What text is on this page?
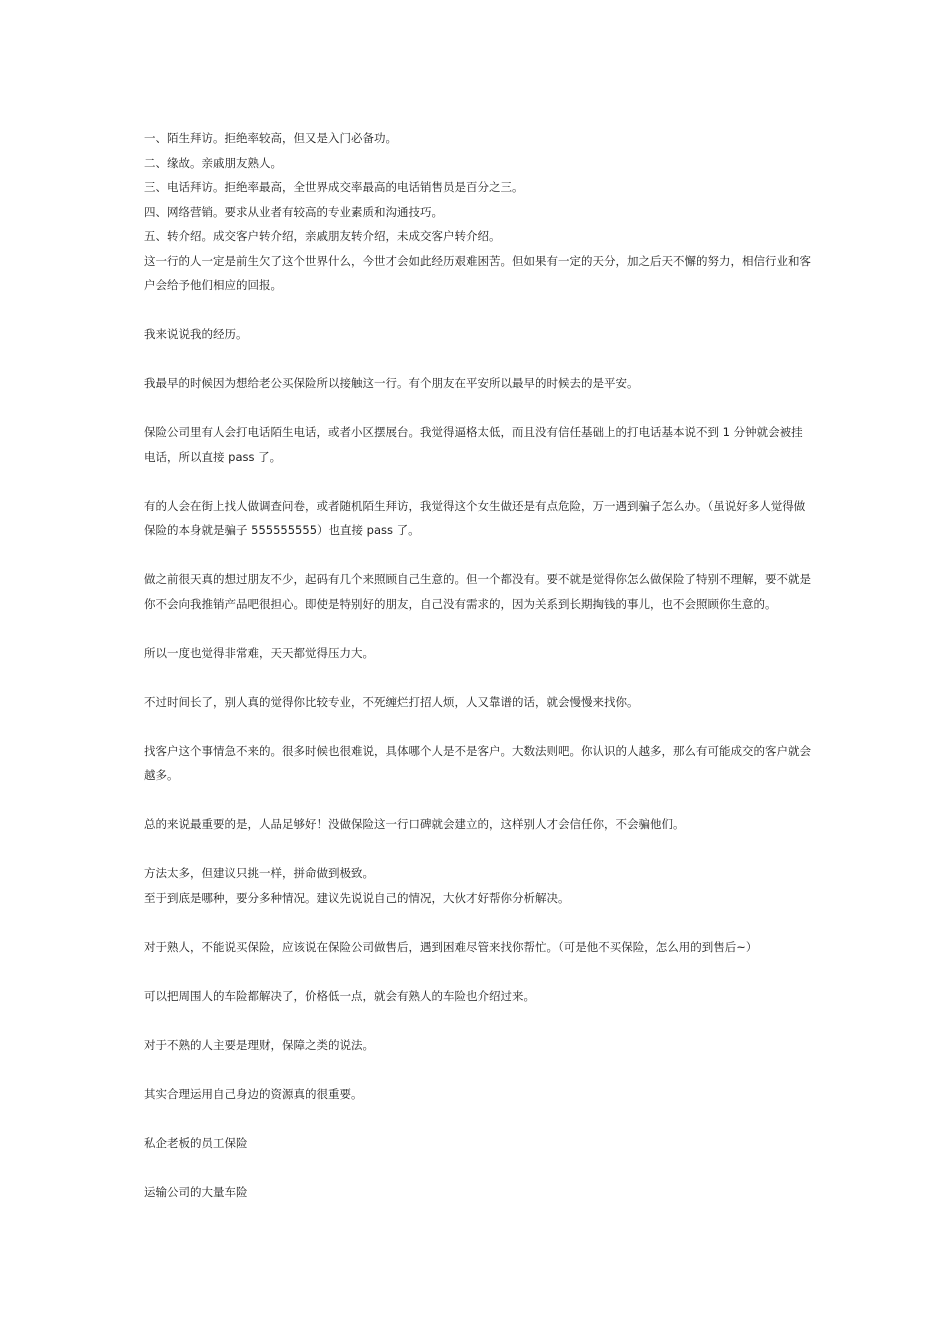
一、陌生拜访。拒绝率较高，但又是入门必备功。
二、缘故。亲戚朋友熟人。
三、电话拜访。拒绝率最高，全世界成交率最高的电话销售员是百分之三。
四、网络营销。要求从业者有较高的专业素质和沟通技巧。
五、转介绍。成交客户转介绍，亲戚朋友转介绍，未成交客户转介绍。
这一行的人一定是前生欠了这个世界什么，今世才会如此经历艰难困苦。但如果有一定的天分，加之后天不懈的努力，相信行业和客户会给予他们相应的回报。
我来说说我的经历。
我最早的时候因为想给老公买保险所以接触这一行。有个朋友在平安所以最早的时候去的是平安。
保险公司里有人会打电话陌生电话，或者小区摆展台。我觉得逼格太低，而且没有信任基础上的打电话基本说不到 1 分钟就会被挂电话，所以直接 pass 了。
有的人会在街上找人做调查问卷，或者随机陌生拜访，我觉得这个女生做还是有点危险，万一遇到骗子怎么办。（虽说好多人觉得做保险的本身就是骗子 555555555）也直接 pass 了。
做之前很天真的想过朋友不少，起码有几个来照顾自己生意的。但一个都没有。要不就是觉得你怎么做保险了特别不理解，要不就是你不会向我推销产品吧很担心。即使是特别好的朋友，自己没有需求的，因为关系到长期掏钱的事儿，也不会照顾你生意的。
所以一度也觉得非常难，天天都觉得压力大。
不过时间长了，别人真的觉得你比较专业，不死缠烂打招人烦，人又靠谱的话，就会慢慢来找你。
找客户这个事情急不来的。很多时候也很难说，具体哪个人是不是客户。大数法则吧。你认识的人越多，那么有可能成交的客户就会越多。
总的来说最重要的是，人品足够好！没做保险这一行口碑就会建立的，这样别人才会信任你，不会骗他们。
方法太多，但建议只挑一样，拼命做到极致。
至于到底是哪种，要分多种情况。建议先说说自己的情况，大伙才好帮你分析解决。
对于熟人，不能说买保险，应该说在保险公司做售后，遇到困难尽管来找你帮忙。（可是他不买保险，怎么用的到售后~）
可以把周围人的车险都解决了，价格低一点，就会有熟人的车险也介绍过来。
对于不熟的人主要是理财，保障之类的说法。
其实合理运用自己身边的资源真的很重要。
私企老板的员工保险
运输公司的大量车险
